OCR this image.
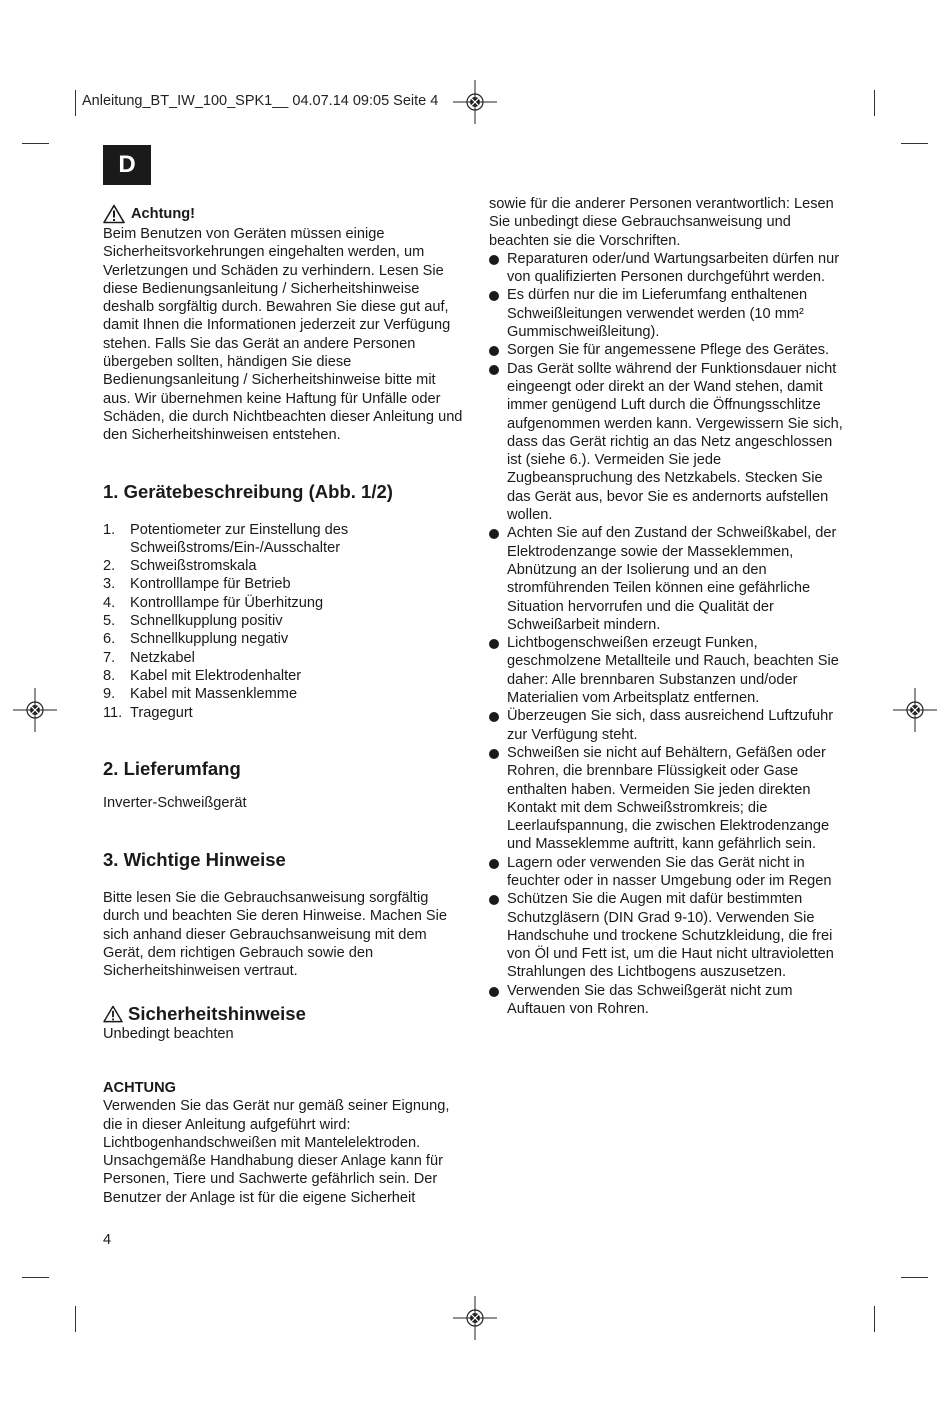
Anleitung_BT_IW_100_SPK1__ 04.07.14 09:05 Seite 4
D
Achtung!

Beim Benutzen von Geräten müssen einige Sicherheitsvorkehrungen eingehalten werden, um Verletzungen und Schäden zu verhindern. Lesen Sie diese Bedienungsanleitung / Sicherheitshinweise deshalb sorgfältig durch. Bewahren Sie diese gut auf, damit Ihnen die Informationen jederzeit zur Verfügung stehen. Falls Sie das Gerät an andere Personen übergeben sollten, händigen Sie diese Bedienungsanleitung / Sicherheitshinweise bitte mit aus. Wir übernehmen keine Haftung für Unfälle oder Schäden, die durch Nichtbeachten dieser Anleitung und den Sicherheitshinweisen entstehen.

1. Gerätebeschreibung (Abb. 1/2)
1.	Potentiometer zur Einstellung des Schweißstroms/Ein-/Ausschalter
2.	Schweißstromskala
3.	Kontrolllampe für Betrieb
4.	Kontrolllampe für Überhitzung
5.	Schnellkupplung positiv
6.	Schnellkupplung negativ
7.	Netzkabel
8.	Kabel mit Elektrodenhalter
9.	Kabel mit Massenklemme
11. Tragegurt
2. Lieferumfang

Inverter-Schweißgerät

3. Wichtige Hinweise

Bitte lesen Sie die Gebrauchsanweisung sorgfältig durch und beachten Sie deren Hinweise. Machen Sie sich anhand dieser Gebrauchsanweisung mit dem Gerät, dem richtigen Gebrauch sowie den Sicherheitshinweisen vertraut.

Sicherheitshinweise

Unbedingt beachten

ACHTUNG

Verwenden Sie das Gerät nur gemäß seiner Eignung, die in dieser Anleitung aufgeführt wird: Lichtbogenhandschweißen mit Mantelelektroden. Unsachgemäße Handhabung dieser Anlage kann für Personen, Tiere und Sachwerte gefährlich sein. Der Benutzer der Anlage ist für die eigene Sicherheit

sowie für die anderer Personen verantwortlich: Lesen Sie unbedingt diese Gebrauchsanweisung und beachten sie die Vorschriften.

Reparaturen oder/und Wartungsarbeiten dürfen nur von qualifizierten Personen durchgeführt werden.
Es dürfen nur die im Lieferumfang enthaltenen Schweißleitungen verwendet werden (10 mm² Gummischweißleitung).
Sorgen Sie für angemessene Pflege des Gerätes.
Das Gerät sollte während der Funktionsdauer nicht eingeengt oder direkt an der Wand stehen, damit immer genügend Luft durch die Öffnungsschlitze aufgenommen werden kann. Vergewissern Sie sich, dass das Gerät richtig an das Netz angeschlossen ist (siehe 6.). Vermeiden Sie jede Zugbeanspruchung des Netzkabels. Stecken Sie das Gerät aus, bevor Sie es andernorts aufstellen wollen.
Achten Sie auf den Zustand der Schweißkabel, der Elektrodenzange sowie der Masseklemmen, Abnützung an der Isolierung und an den stromführenden Teilen können eine gefährliche Situation hervorrufen und die Qualität der Schweißarbeit mindern.
Lichtbogenschweißen erzeugt Funken, geschmolzene Metallteile und Rauch, beachten Sie daher: Alle brennbaren Substanzen und/oder Materialien vom Arbeitsplatz entfernen.
Überzeugen Sie sich, dass ausreichend Luftzufuhr zur Verfügung steht.
Schweißen sie nicht auf Behältern, Gefäßen oder Rohren, die brennbare Flüssigkeit oder Gase enthalten haben. Vermeiden Sie jeden direkten Kontakt mit dem Schweißstromkreis; die Leerlaufspannung, die zwischen Elektrodenzange und Masseklemme auftritt, kann gefährlich sein.
Lagern oder verwenden Sie das Gerät nicht in feuchter oder in nasser Umgebung oder im Regen
Schützen Sie die Augen mit dafür bestimmten Schutzgläsern (DIN Grad 9-10). Verwenden Sie Handschuhe und trockene Schutzkleidung, die frei von Öl und Fett ist, um die Haut nicht ultravioletten Strahlungen des Lichtbogens auszusetzen.
Verwenden Sie das Schweißgerät nicht zum Auftauen von Rohren.
4
